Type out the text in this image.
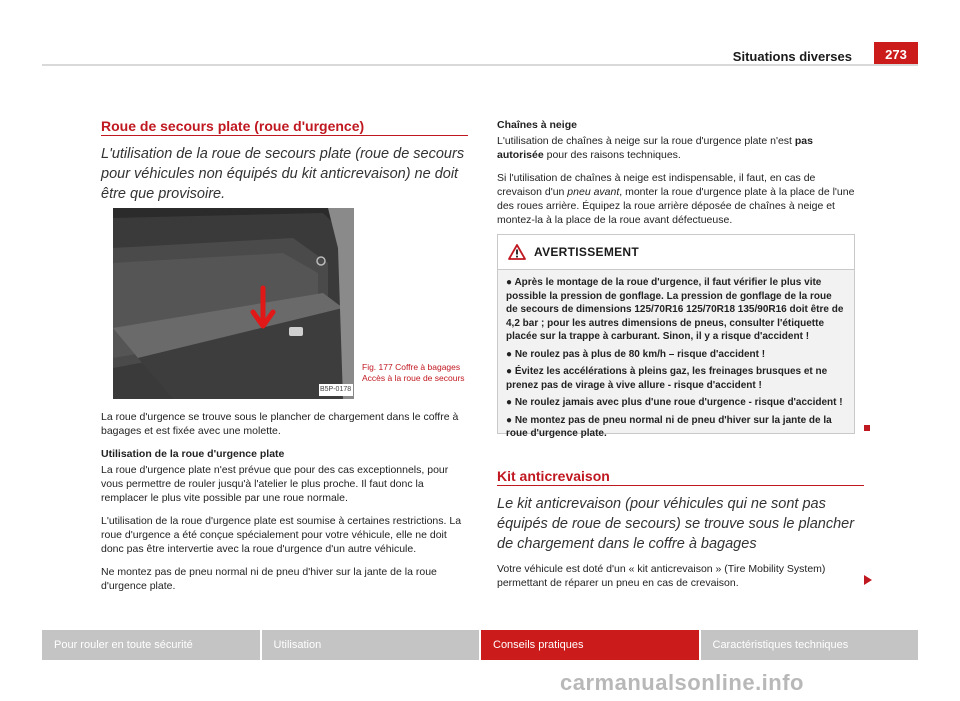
Situations diverses	273
Roue de secours plate (roue d'urgence)
L'utilisation de la roue de secours plate (roue de secours pour véhicules non équipés du kit anticrevaison) ne doit être que provisoire.
B5P-0178
Fig. 177 Coffre à bagages Accès à la roue de secours

La roue d'urgence se trouve sous le plancher de chargement dans le coffre à bagages et est fixée avec une molette.

Utilisation de la roue d'urgence plate

La roue d'urgence plate n'est prévue que pour des cas exceptionnels, pour vous permettre de rouler jusqu'à l'atelier le plus proche. Il faut donc la remplacer le plus vite possible par une roue normale.

L'utilisation de la roue d'urgence plate est soumise à certaines restrictions. La roue d'urgence a été conçue spécialement pour votre véhicule, elle ne doit donc pas être intervertie avec la roue d'urgence d'un autre véhicule.

Ne montez pas de pneu normal ni de pneu d'hiver sur la jante de la roue d'urgence plate.

Chaînes à neige

L'utilisation de chaînes à neige sur la roue d'urgence plate n'est pas autorisée pour des raisons techniques.

Si l'utilisation de chaînes à neige est indispensable, il faut, en cas de crevaison d'un pneu avant, monter la roue d'urgence plate à la place de l'une des roues arrière. Équipez la roue arrière déposée de chaînes à neige et montez-la à la place de la roue avant défectueuse.

AVERTISSEMENT
● Après le montage de la roue d'urgence, il faut vérifier le plus vite possible la pression de gonflage. La pression de gonflage de la roue de secours de dimensions 125/70R16 125/70R18 135/90R16 doit être de 4,2 bar ; pour les autres dimensions de pneus, consulter l'étiquette placée sur la trappe à carburant. Sinon, il y a risque d'accident !
● Ne roulez pas à plus de 80 km/h – risque d'accident !
● Évitez les accélérations à pleins gaz, les freinages brusques et ne prenez pas de virage à vive allure - risque d'accident !
● Ne roulez jamais avec plus d'une roue d'urgence - risque d'accident !
● Ne montez pas de pneu normal ni de pneu d'hiver sur la jante de la roue d'urgence plate.
Kit anticrevaison
Le kit anticrevaison (pour véhicules qui ne sont pas équipés de roue de secours) se trouve sous le plancher de chargement dans le coffre à bagages

Votre véhicule est doté d'un « kit anticrevaison » (Tire Mobility System) permettant de réparer un pneu en cas de crevaison.

Pour rouler en toute sécurité	Utilisation	Conseils pratiques	Caractéristiques techniques
carmanualsonline.info
